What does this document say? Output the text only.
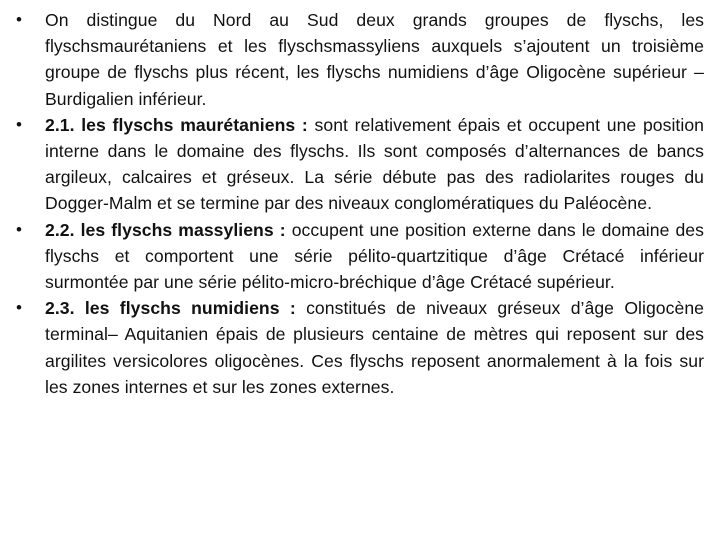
• On distingue du Nord au Sud deux grands groupes de flyschs, les flyschsmaurétaniens et les flyschsmassyliens auxquels s’ajoutent un troisième groupe de flyschs plus récent, les flyschs numidiens d’âge Oligocène supérieur – Burdigalien inférieur.
• 2.1. les flyschs maurétaniens : sont relativement épais et occupent une position interne dans le domaine des flyschs. Ils sont composés d’alternances de bancs argileux, calcaires et gréseux. La série débute pas des radiolarites rouges du Dogger-Malm et se termine par des niveaux conglomératiques du Paléocène.
• 2.2. les flyschs massyliens : occupent une position externe dans le domaine des flyschs et comportent une série pélito-quartzitique d’âge Crétacé inférieur surmontée par une série pélito-micro-bréchique d’âge Crétacé supérieur.
• 2.3. les flyschs numidiens : constitués de niveaux gréseux d’âge Oligocène terminal– Aquitanien épais de plusieurs centaine de mètres qui reposent sur des argilites versicolores oligocènes. Ces flyschs reposent anormalement à la fois sur les zones internes et sur les zones externes.
